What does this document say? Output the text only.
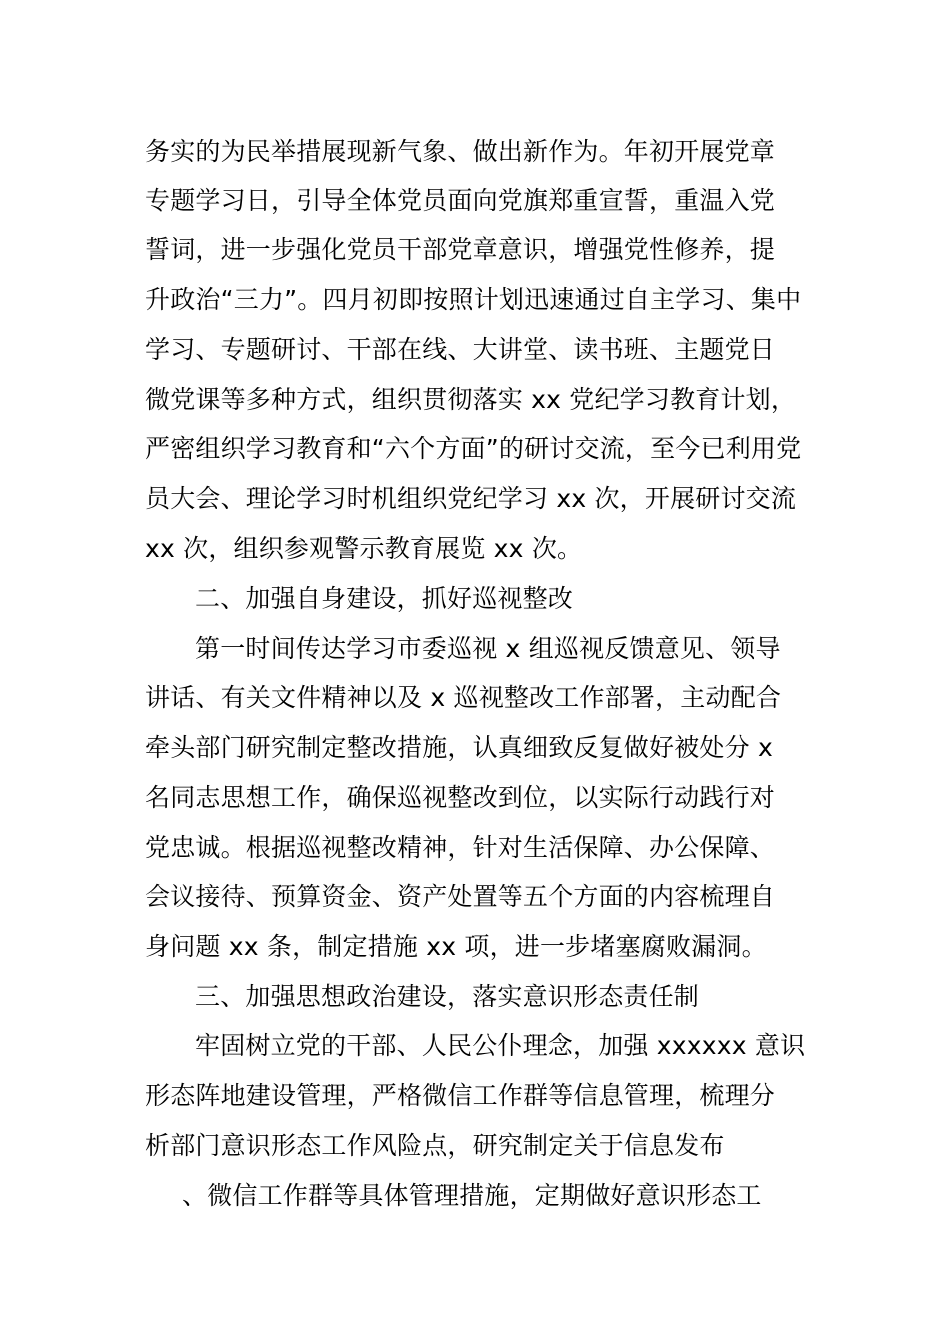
务实的为民举措展现新气象、做出新作为。年初开展党章
专题学习日，引导全体党员面向党旗郑重宣誓，重温入党
誓词，进一步强化党员干部党章意识，增强党性修养，提
升政治“三力”。四月初即按照计划迅速通过自主学习、集中
学习、专题研讨、干部在线、大讲堂、读书班、主题党日
微党课等多种方式，组织贯彻落实 xx 党纪学习教育计划，
严密组织学习教育和“六个方面”的研讨交流，至今已利用党
员大会、理论学习时机组织党纪学习 xx 次，开展研讨交流
xx 次，组织参观警示教育展览 xx 次。
二、加强自身建设，抓好巡视整改
第一时间传达学习市委巡视 x 组巡视反馈意见、领导
讲话、有关文件精神以及 x 巡视整改工作部署，主动配合
牵头部门研究制定整改措施，认真细致反复做好被处分 x
名同志思想工作，确保巡视整改到位，以实际行动践行对
党忠诚。根据巡视整改精神，针对生活保障、办公保障、
会议接待、预算资金、资产处置等五个方面的内容梳理自
身问题 xx 条，制定措施 xx 项，进一步堵塞腐败漏洞。
三、加强思想政治建设，落实意识形态责任制
牢固树立党的干部、人民公仆理念，加强 xxxxxx 意识
形态阵地建设管理，严格微信工作群等信息管理，梳理分
析部门意识形态工作风险点，研究制定关于信息发布
、微信工作群等具体管理措施，定期做好意识形态工
